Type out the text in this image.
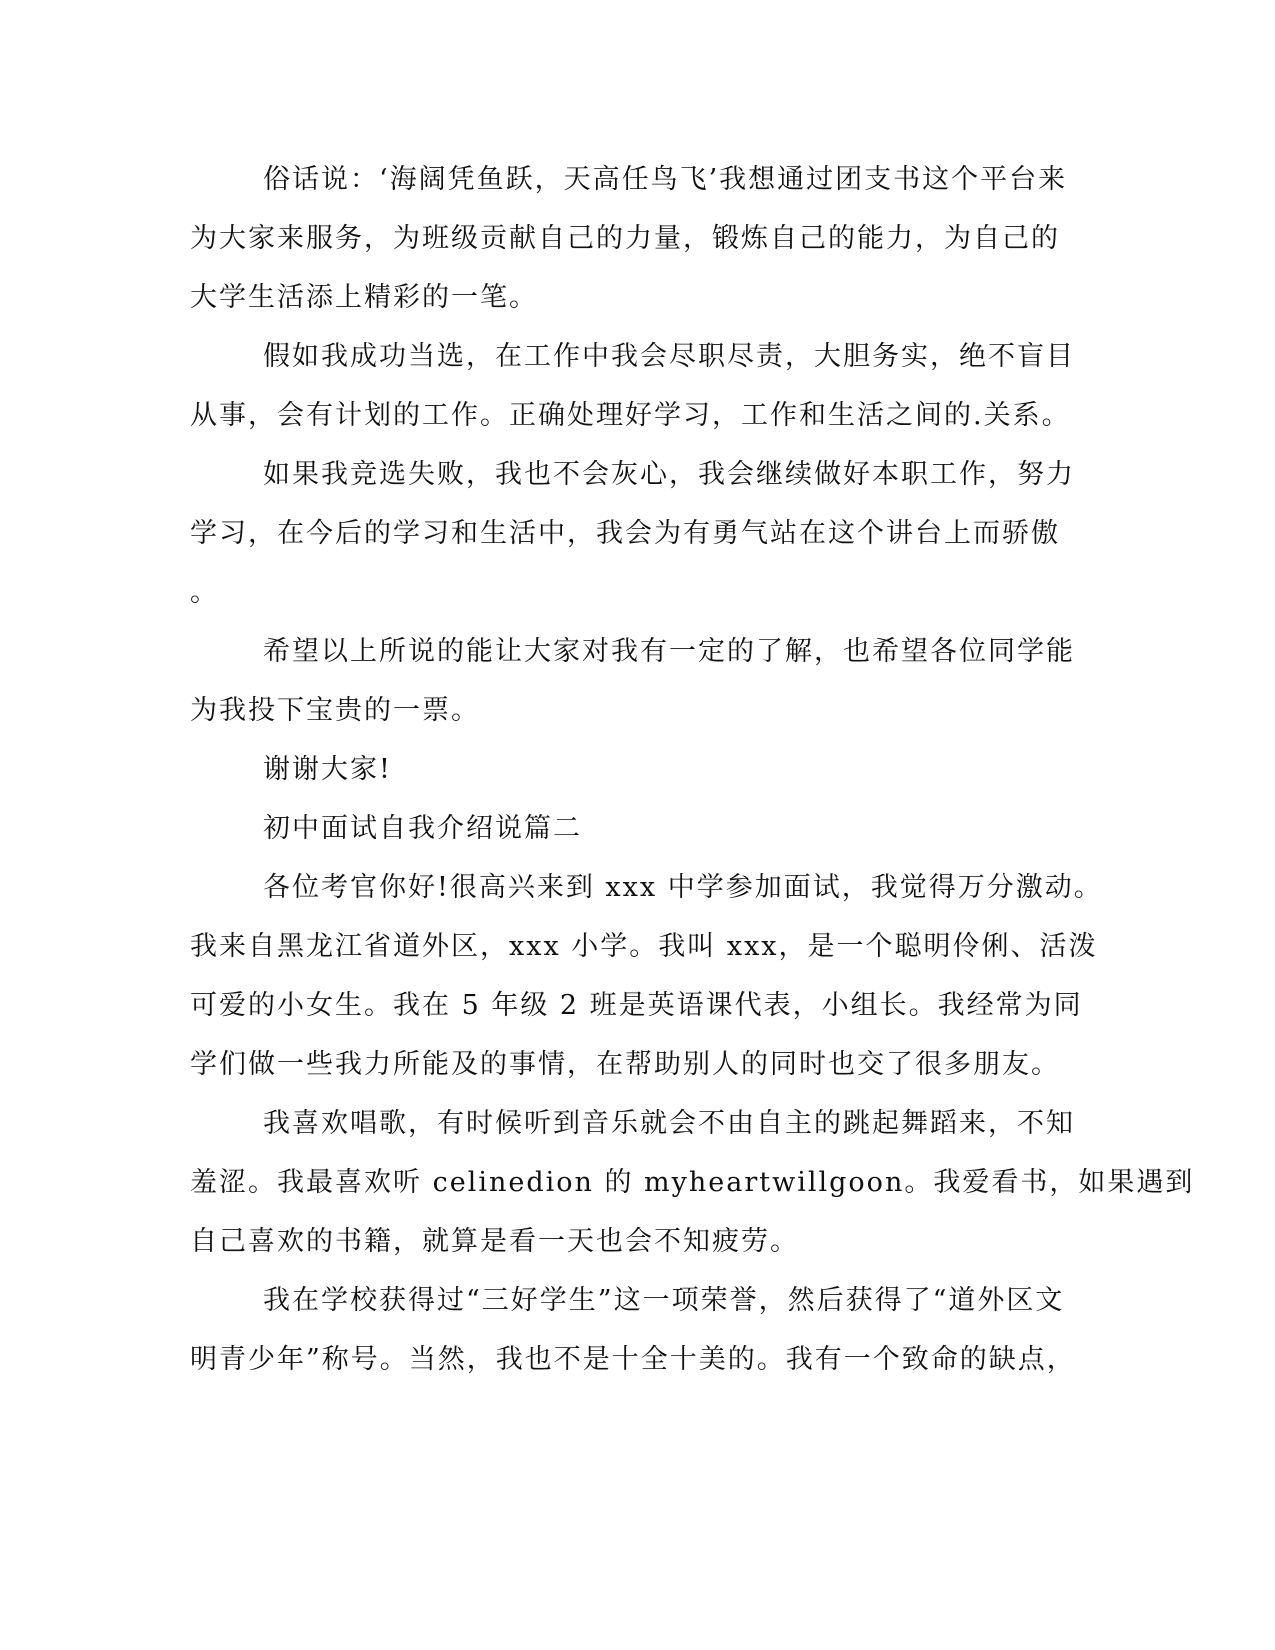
俗话说：‘海阔凭鱼跃，天高任鸟飞’我想通过团支书这个平台来
为大家来服务，为班级贡献自己的力量，锻炼自己的能力，为自己的
大学生活添上精彩的一笔。
假如我成功当选，在工作中我会尽职尽责，大胆务实，绝不盲目
从事，会有计划的工作。正确处理好学习，工作和生活之间的.关系。
如果我竞选失败，我也不会灰心，我会继续做好本职工作，努力
学习，在今后的学习和生活中，我会为有勇气站在这个讲台上而骄傲
。
希望以上所说的能让大家对我有一定的了解，也希望各位同学能
为我投下宝贵的一票。
谢谢大家!
初中面试自我介绍说篇二
各位考官你好!很高兴来到 xxx 中学参加面试，我觉得万分激动。
我来自黑龙江省道外区，xxx 小学。我叫 xxx，是一个聪明伶俐、活泼
可爱的小女生。我在 5 年级 2 班是英语课代表，小组长。我经常为同
学们做一些我力所能及的事情，在帮助别人的同时也交了很多朋友。
我喜欢唱歌，有时候听到音乐就会不由自主的跳起舞蹈来，不知
羞涩。我最喜欢听 celinedion 的 myheartwillgoon。我爱看书，如果遇到
自己喜欢的书籍，就算是看一天也会不知疲劳。
我在学校获得过“三好学生”这一项荣誉，然后获得了“道外区文
明青少年”称号。当然，我也不是十全十美的。我有一个致命的缺点，
